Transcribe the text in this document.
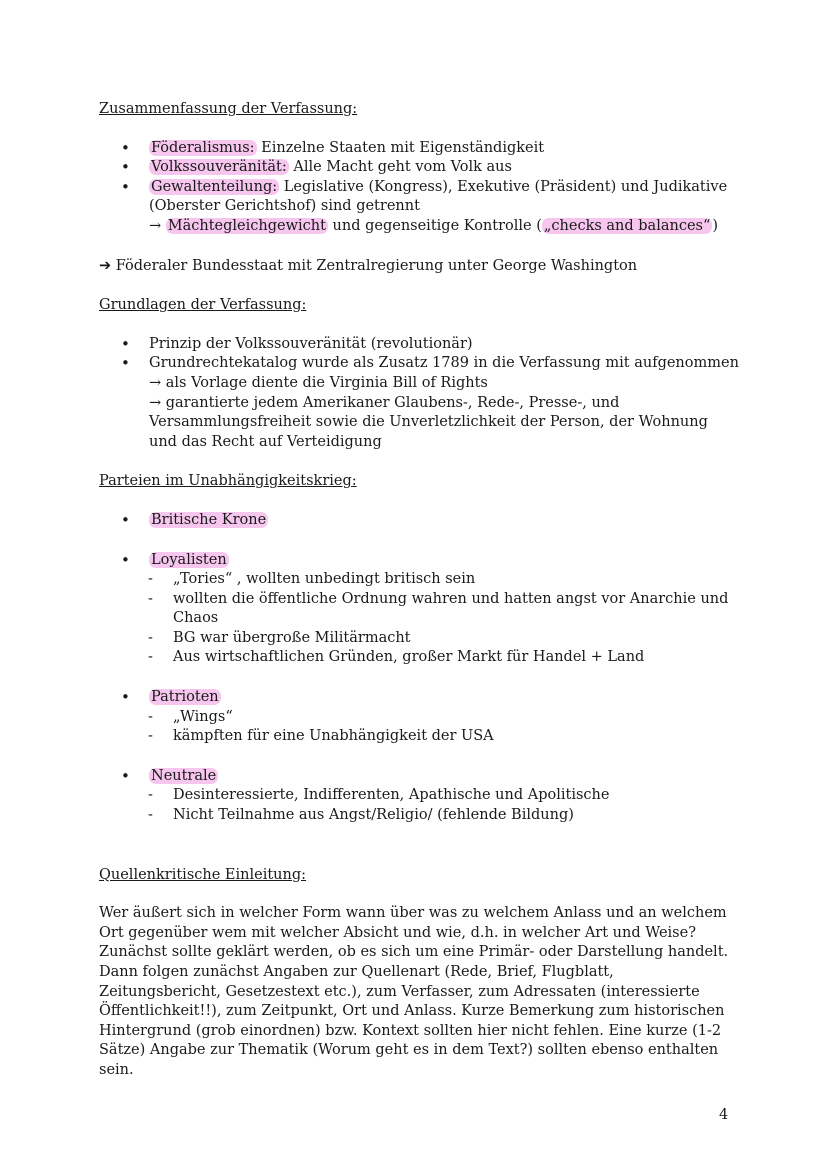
Zusammenfassung der Verfassung:

• Föderalismus: Einzelne Staaten mit Eigenständigkeit
• Volkssouveränität: Alle Macht geht vom Volk aus
• Gewaltenteilung: Legislative (Kongress), Exekutive (Präsident) und Judikative (Oberster Gerichtshof) sind getrennt
→ Mächtegleichgewicht und gegenseitige Kontrolle ( „checks and balances“ )

➔ Föderaler Bundesstaat mit Zentralregierung unter George Washington

Grundlagen der Verfassung:

• Prinzip der Volkssouveränität (revolutionär)
• Grundrechtekatalog wurde als Zusatz 1789 in die Verfassung mit aufgenommen
→ als Vorlage diente die Virginia Bill of Rights
→ garantierte jedem Amerikaner Glaubens-, Rede-, Presse-, und Versammlungsfreiheit sowie die Unverletzlichkeit der Person, der Wohnung und das Recht auf Verteidigung

Parteien im Unabhängigkeitskrieg:

• Britische Krone
• Loyalisten
- „Tories“ , wollten unbedingt britisch sein
- wollten die öffentliche Ordnung wahren und hatten angst vor Anarchie und Chaos
- BG war übergroße Militärmacht
- Aus wirtschaftlichen Gründen, großer Markt für Handel + Land
• Patrioten
- „Wings“
- kämpften für eine Unabhängigkeit der USA
• Neutrale
- Desinteressierte, Indifferenten, Apathische und Apolitische
- Nicht Teilnahme aus Angst/Religio/ (fehlende Bildung)

Quellenkritische Einleitung:

Wer äußert sich in welcher Form wann über was zu welchem Anlass und an welchem Ort gegenüber wem mit welcher Absicht und wie, d.h. in welcher Art und Weise? Zunächst sollte geklärt werden, ob es sich um eine Primär- oder Darstellung handelt. Dann folgen zunächst Angaben zur Quellenart (Rede, Brief, Flugblatt, Zeitungsbericht, Gesetzestext etc.), zum Verfasser, zum Adressaten (interessierte Öffentlichkeit!!), zum Zeitpunkt, Ort und Anlass. Kurze Bemerkung zum historischen Hintergrund (grob einordnen) bzw. Kontext sollten hier nicht fehlen. Eine kurze (1-2 Sätze) Angabe zur Thematik (Worum geht es in dem Text?) sollten ebenso enthalten sein.

4
